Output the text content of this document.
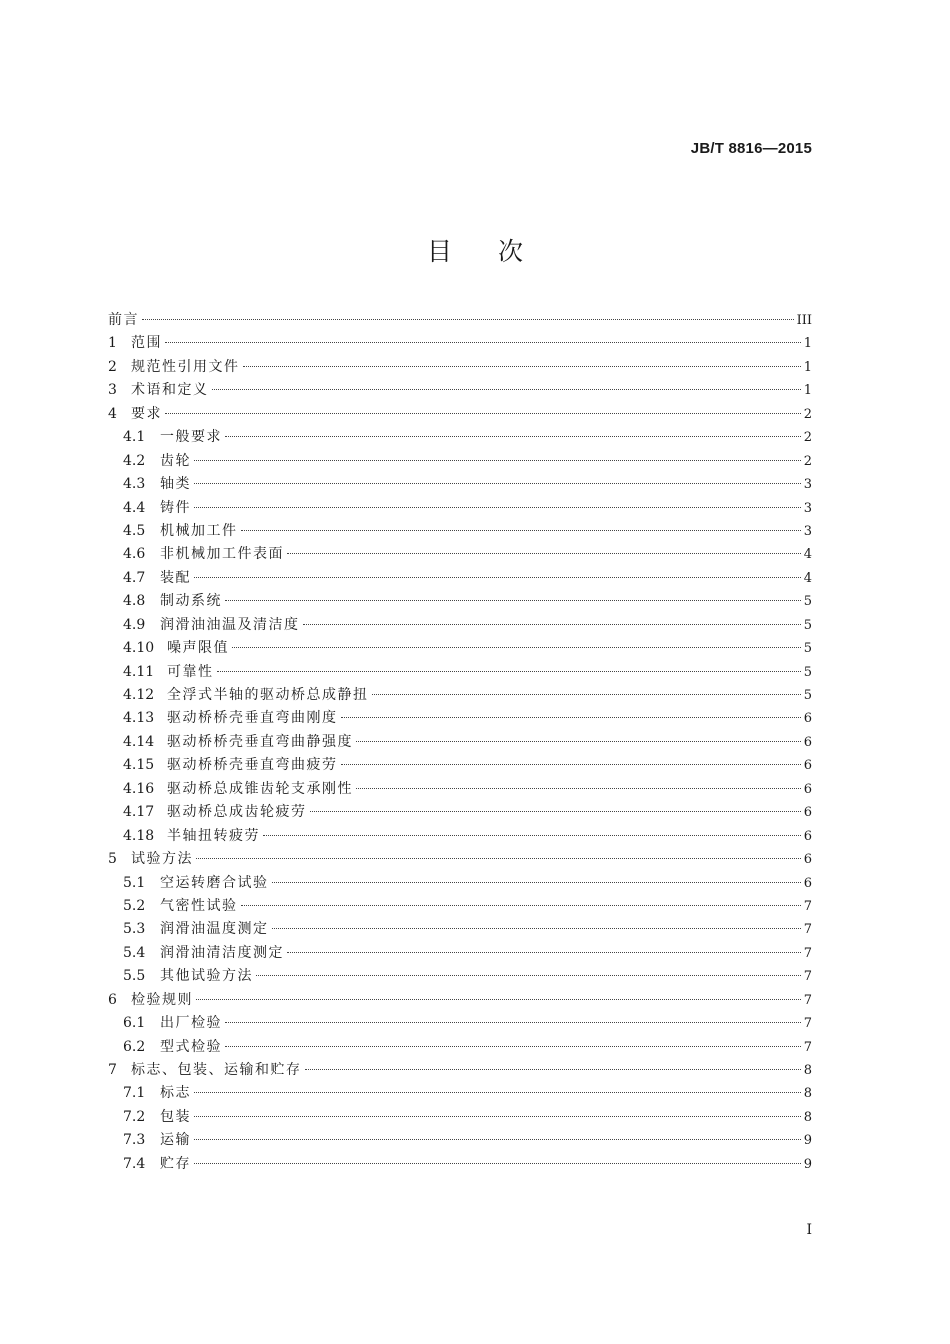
JB/T 8816—2015
目次
前言	III
1	范围	1
2	规范性引用文件	1
3	术语和定义	1
4	要求	2
4.1	一般要求	2
4.2	齿轮	2
4.3	轴类	3
4.4	铸件	3
4.5	机械加工件	3
4.6	非机械加工件表面	4
4.7	装配	4
4.8	制动系统	5
4.9	润滑油油温及清洁度	5
4.10 噪声限值	5
4.11 可靠性	5
4.12 全浮式半轴的驱动桥总成静扭	5
4.13 驱动桥桥壳垂直弯曲刚度	6
4.14 驱动桥桥壳垂直弯曲静强度	6
4.15 驱动桥桥壳垂直弯曲疲劳	6
4.16 驱动桥总成锥齿轮支承刚性	6
4.17 驱动桥总成齿轮疲劳	6
4.18 半轴扭转疲劳	6
5	试验方法	6
5.1	空运转磨合试验	6
5.2	气密性试验	7
5.3	润滑油温度测定	7
5.4	润滑油清洁度测定	7
5.5	其他试验方法	7
6	检验规则	7
6.1	出厂检验	7
6.2	型式检验	7
7	标志、包装、运输和贮存	8
7.1	标志	8
7.2	包装	8
7.3	运输	9
7.4	贮存	9
I
